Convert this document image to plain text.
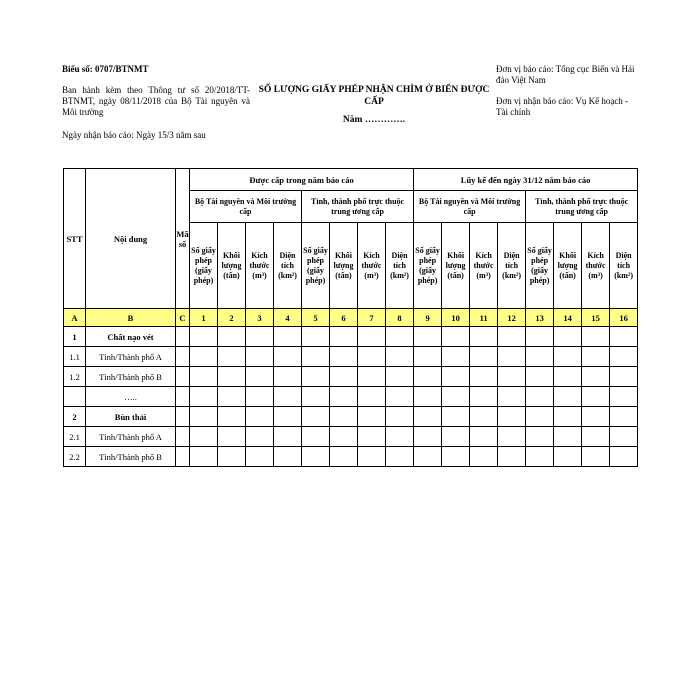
Biểu số: 0707/BTNMT
Ban hành kèm theo Thông tư số 20/2018/TT-BTNMT, ngày 08/11/2018 của Bộ Tài nguyên và Môi trường
Ngày nhận báo cáo: Ngày 15/3 năm sau
SỐ LƯỢNG GIẤY PHÉP NHẬN CHÌM Ở BIỂN ĐƯỢC CẤP
Năm ………….
Đơn vị báo cáo: Tổng cục Biển và Hải đảo Việt Nam
Đơn vị nhận báo cáo: Vụ Kế hoạch - Tài chính
STT	Nội dung	Mã số	Được cấp trong năm báo cáo								Lũy kế đến ngày 31/12 năm báo cáo							
			Bộ Tài nguyên và Môi trường cấp				Tỉnh, thành phố trực thuộc trung ương cấp				Bộ Tài nguyên và Môi trường cấp				Tỉnh, thành phố trực thuộc trung ương cấp			
			Số giấy phép (giấy phép)	Khối lượng (tấn)	Kích thước (m³)	Diện tích (km²)	Số giấy phép (giấy phép)	Khối lượng (tấn)	Kích thước (m³)	Diện tích (km²)	Số giấy phép (giấy phép)	Khối lượng (tấn)	Kích thước (m³)	Diện tích (km²)	Số giấy phép (giấy phép)	Khối lượng (tấn)	Kích thước (m³)	Diện tích (km²)
A	B	C	1	2	3	4	5	6	7	8	9	10	11	12	13	14	15	16
1	Chất nạo vét																	
1.1	Tỉnh/Thành phố A																	
1.2	Tỉnh/Thành phố B																	
	…..																	
2	Bùn thải																	
2.1	Tỉnh/Thành phố A																	
2.2	Tỉnh/Thành phố B																	
